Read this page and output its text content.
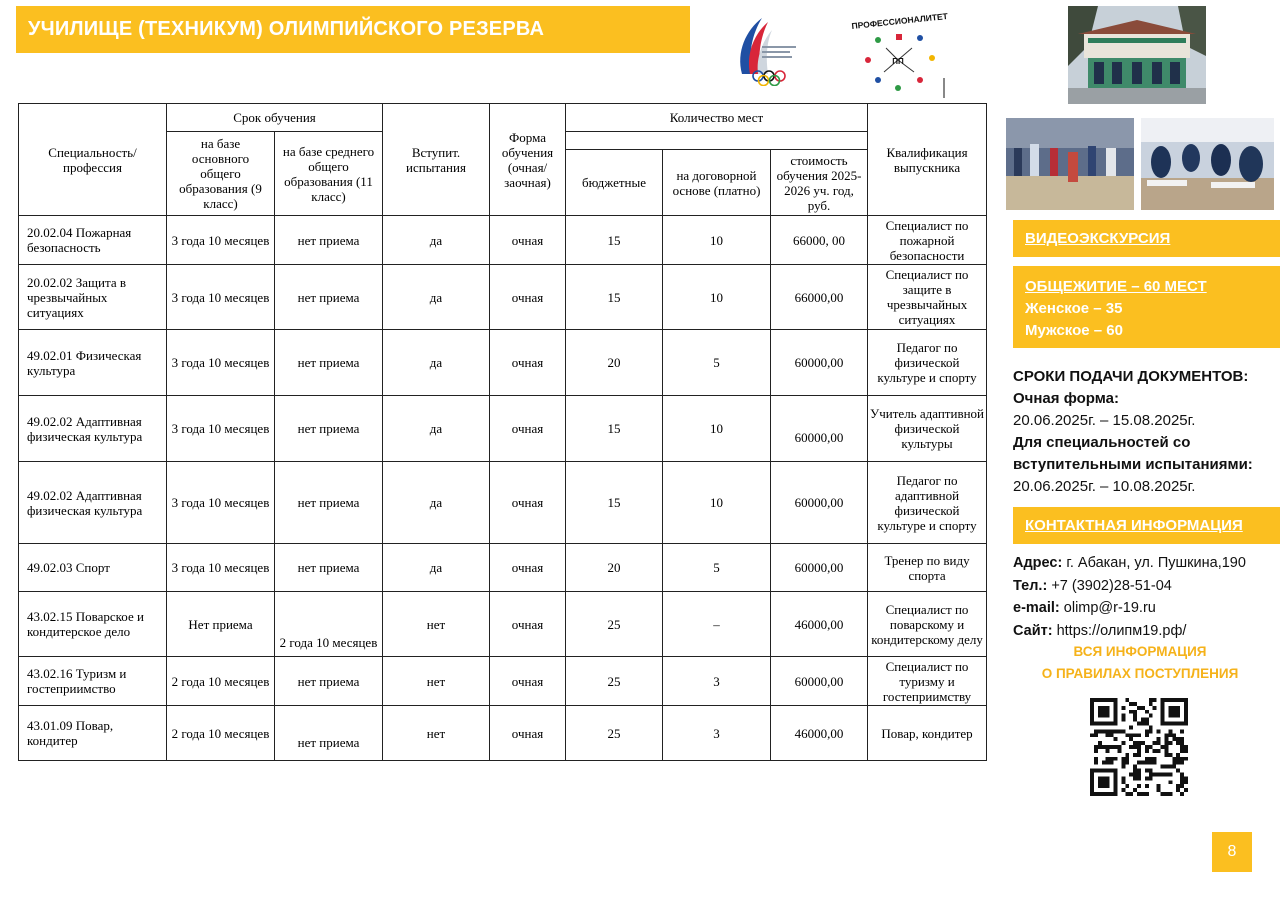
УЧИЛИЩЕ (ТЕХНИКУМ) ОЛИМПИЙСКОГО РЕЗЕРВА	ПРОФЕССИОНАЛИТЕТ
ПП
Специальность/ профессия	Срок обучения		Вступит. испытания	Форма обучения (очная/ заочная)	Количество мест			Квалификация выпускника
	на базе основного общего образования (9 класс)	на базе среднего общего образования (11 класс)						
					бюджетные	на договорной основе (платно)	стоимость обучения 2025-2026 уч. год, руб.	
20.02.04 Пожарная безопасность	3 года 10 месяцев	нет приема	да	очная	15	10	66000, 00	Специалист по пожарной безопасности
20.02.02 Защита в чрезвычайных ситуациях	3 года 10 месяцев	нет приема	да	очная	15	10	66000,00	Специалист по защите в чрезвычайных ситуациях
49.02.01 Физическая культура	3 года 10 месяцев	нет приема	да	очная	20	5	60000,00	Педагог по физической культуре и спорту
49.02.02 Адаптивная физическая культура	3 года 10 месяцев	нет приема	да	очная	15	10	60000,00	Учитель адаптивной физической культуры
49.02.02 Адаптивная физическая культура	3 года 10 месяцев	нет приема	да	очная	15	10	60000,00	Педагог по адаптивной физической культуре и спорту
49.02.03 Спорт	3 года 10 месяцев	нет приема	да	очная	20	5	60000,00	Тренер по виду спорта
43.02.15 Поварское и кондитерское дело	Нет приема	2 года 10 месяцев	нет	очная	25	–	46000,00	Специалист по поварскому и кондитерскому делу
43.02.16 Туризм и гостеприимство	2 года 10 месяцев	нет приема	нет	очная	25	3	60000,00	Специалист по туризму и гостеприимству
43.01.09 Повар, кондитер	2 года 10 месяцев	нет приема	нет	очная	25	3	46000,00	Повар, кондитер
ВИДЕОЭКСКУРСИЯ
ОБЩЕЖИТИЕ – 60 МЕСТ
Женское – 35
Мужское – 60
СРОКИ ПОДАЧИ ДОКУМЕНТОВ:
Очная форма:
20.06.2025г. – 15.08.2025г.
Для специальностей со вступительными испытаниями:
20.06.2025г. – 10.08.2025г.
КОНТАКТНАЯ ИНФОРМАЦИЯ
Адрес: г. Абакан, ул. Пушкина,190
Тел.: +7 (3902)28-51-04
e-mail: olimp@r-19.ru
Сайт: https://олипм19.рф/
ВСЯ ИНФОРМАЦИЯ
О ПРАВИЛАХ ПОСТУПЛЕНИЯ
8
